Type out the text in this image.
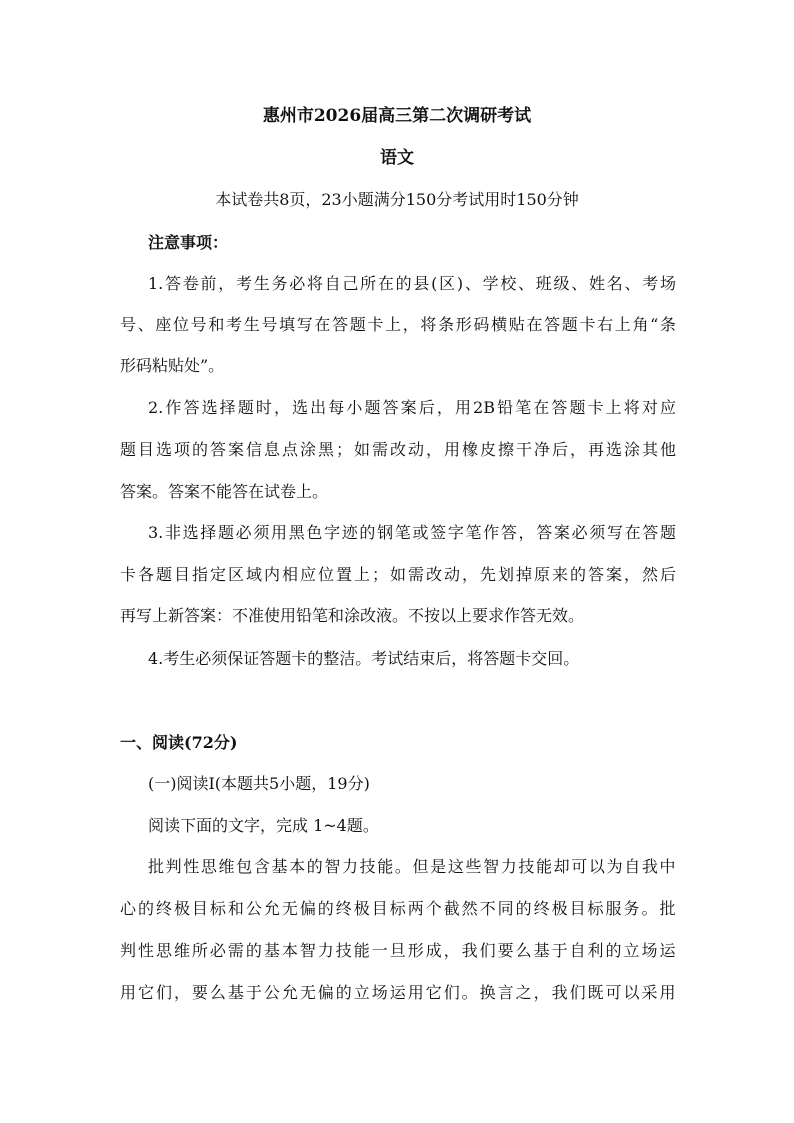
惠州市2026届高三第二次调研考试
语文
本试卷共8页，23小题满分150分考试用时150分钟
注意事项：
1.答卷前，考生务必将自己所在的县(区)、学校、班级、姓名、考场
号、座位号和考生号填写在答题卡上，将条形码横贴在答题卡右上角“条
形码粘贴处”。
2.作答选择题时，选出每小题答案后，用2B铅笔在答题卡上将对应
题目选项的答案信息点涂黑；如需改动，用橡皮擦干净后，再选涂其他
答案。答案不能答在试卷上。
3.非选择题必须用黑色字迹的钢笔或签字笔作答，答案必须写在答题
卡各题目指定区域内相应位置上；如需改动，先划掉原来的答案，然后
再写上新答案：不准使用铅笔和涂改液。不按以上要求作答无效。
4.考生必须保证答题卡的整洁。考试结束后，将答题卡交回。
一、阅读(72分)
(一)阅读Ⅰ(本题共5小题，19分)
阅读下面的文字，完成 1~4题。
批判性思维包含基本的智力技能。但是这些智力技能却可以为自我中
心的终极目标和公允无偏的终极目标两个截然不同的终极目标服务。批
判性思维所必需的基本智力技能一旦形成，我们要么基于自利的立场运
用它们，要么基于公允无偏的立场运用它们。换言之，我们既可以采用
